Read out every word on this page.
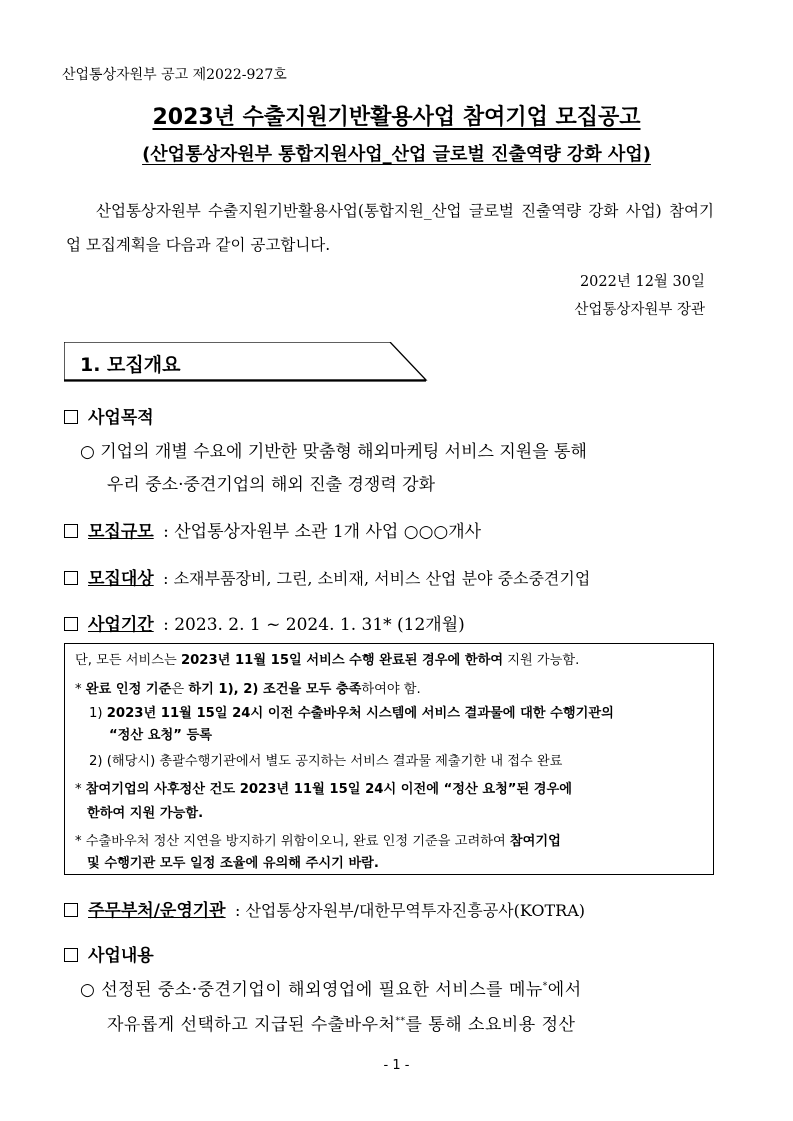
산업통상자원부 공고 제2022-927호
2023년 수출지원기반활용사업 참여기업 모집공고
(산업통상자원부 통합지원사업_산업 글로벌 진출역량 강화 사업)
산업통상자원부 수출지원기반활용사업(통합지원_산업 글로벌 진출역량 강화 사업) 참여기업 모집계획을 다음과 같이 공고합니다.
2022년 12월 30일
산업통상자원부 장관
1. 모집개요
사업목적
○ 기업의 개별 수요에 기반한 맞춤형 해외마케팅 서비스 지원을 통해
우리 중소·중견기업의 해외 진출 경쟁력 강화
모집규모 : 산업통상자원부 소관 1개 사업 ○○○개사
모집대상 : 소재부품장비, 그린, 소비재, 서비스 산업 분야 중소중견기업
사업기간 : 2023. 2. 1 ~ 2024. 1. 31* (12개월)
단, 모든 서비스는 2023년 11월 15일 서비스 수행 완료된 경우에 한하여 지원 가능함.
* 완료 인정 기준은 하기 1), 2) 조건을 모두 충족하여야 함.
1) 2023년 11월 15일 24시 이전 수출바우처 시스템에 서비스 결과물에 대한 수행기관의
“정산 요청” 등록
2) (해당시) 총괄수행기관에서 별도 공지하는 서비스 결과물 제출기한 내 접수 완료
* 참여기업의 사후정산 건도 2023년 11월 15일 24시 이전에 “정산 요청”된 경우에
한하여 지원 가능함.
* 수출바우처 정산 지연을 방지하기 위함이오니, 완료 인정 기준을 고려하여 참여기업
및 수행기관 모두 일정 조율에 유의해 주시기 바람.
주무부처/운영기관 : 산업통상자원부/대한무역투자진흥공사(KOTRA)
사업내용
○ 선정된 중소·중견기업이 해외영업에 필요한 서비스를 메뉴*에서
자유롭게 선택하고 지급된 수출바우처**를 통해 소요비용 정산
- 1 -
